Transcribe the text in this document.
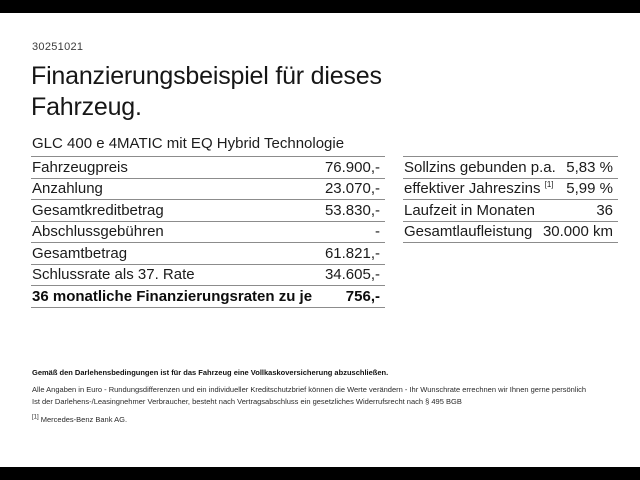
30251021
Finanzierungsbeispiel für dieses Fahrzeug.
GLC 400 e 4MATIC mit EQ Hybrid Technologie
Fahrzeugpreis	76.900,-
Anzahlung	23.070,-
Gesamtkreditbetrag	53.830,-
Abschlussgebühren	-
Gesamtbetrag	61.821,-
Schlussrate als 37. Rate	34.605,-
36 monatliche Finanzierungsraten zu je 756,-
Sollzins gebunden p.a. 5,83 %
effektiver Jahreszins [1] 5,99 %
Laufzeit in Monaten	36
Gesamtlaufleistung 30.000 km
Gemäß den Darlehensbedingungen ist für das Fahrzeug eine Vollkaskoversicherung abzuschließen.
Alle Angaben in Euro - Rundungsdifferenzen und ein individueller Kreditschutzbrief können die Werte verändern - Ihr Wunschrate errechnen wir Ihnen gerne persönlich
Ist der Darlehens-/Leasingnehmer Verbraucher, besteht nach Vertragsabschluss ein gesetzliches Widerrufsrecht nach § 495 BGB
[1] Mercedes-Benz Bank AG.
